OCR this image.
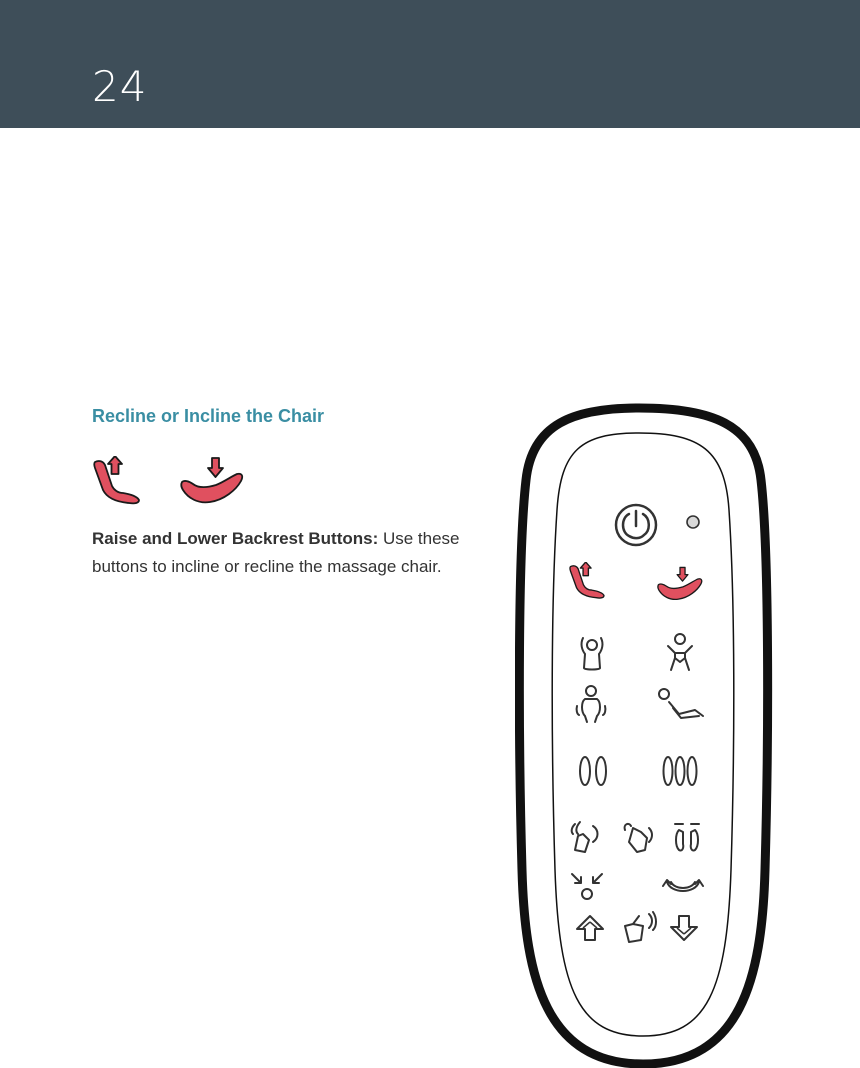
24
Recline or Incline the Chair

Raise and Lower Backrest Buttons: Use these buttons to incline or recline the massage chair.
